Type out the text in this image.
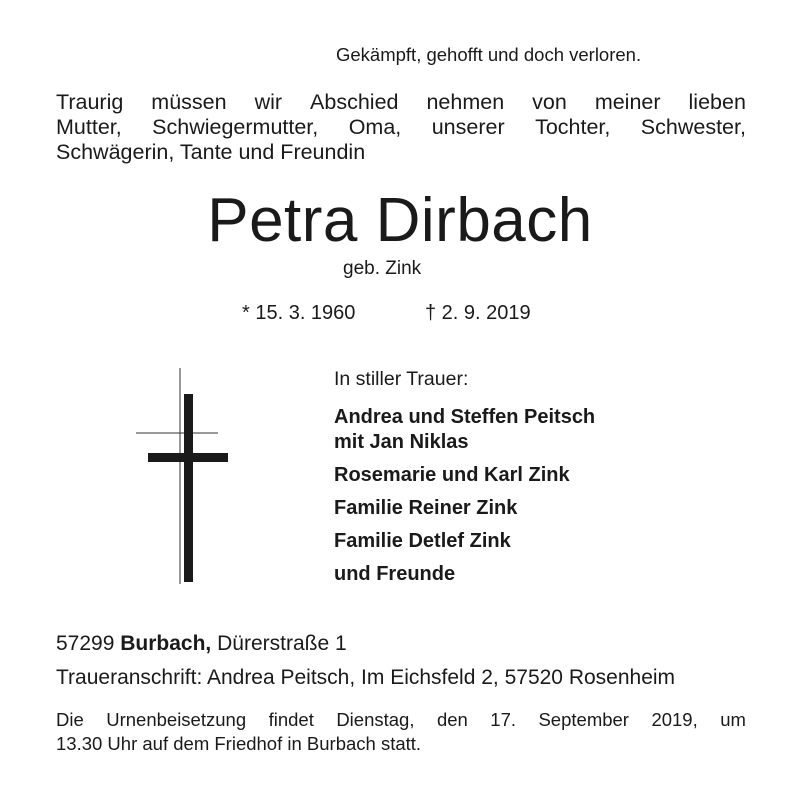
Gekämpft, gehofft und doch verloren.
Traurig müssen wir Abschied nehmen von meiner lieben
Mutter, Schwiegermutter, Oma, unserer Tochter, Schwester,
Schwägerin, Tante und Freundin
Petra Dirbach
geb. Zink
* 15. 3. 1960	† 2. 9. 2019
In stiller Trauer:
Andrea und Steffen Peitsch
mit Jan Niklas
Rosemarie und Karl Zink
Familie Reiner Zink
Familie Detlef Zink
und Freunde
57299 Burbach, Dürerstraße 1
Traueranschrift: Andrea Peitsch, Im Eichsfeld 2, 57520 Rosenheim
Die Urnenbeisetzung findet Dienstag, den 17. September 2019, um
13.30 Uhr auf dem Friedhof in Burbach statt.
